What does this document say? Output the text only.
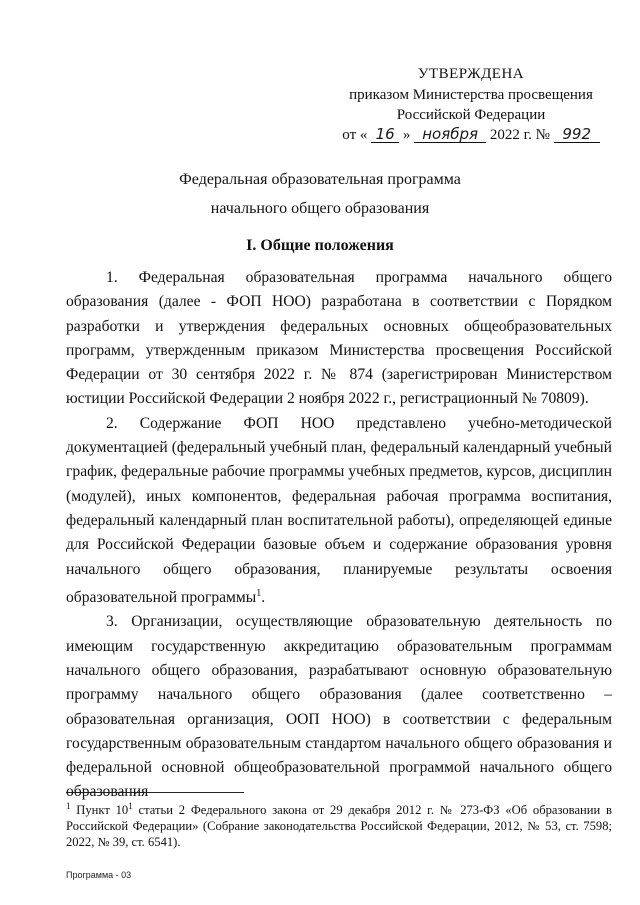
УТВЕРЖДЕНА
приказом Министерства просвещения
Российской Федерации
от « 16 » ноября 2022 г. № 992
Федеральная образовательная программа
начального общего образования
I. Общие положения

1. Федеральная образовательная программа начального общего образования (далее - ФОП НОО) разработана в соответствии с Порядком разработки и утверждения федеральных основных общеобразовательных программ, утвержденным приказом Министерства просвещения Российской Федерации от 30 сентября 2022 г. № 874 (зарегистрирован Министерством юстиции Российской Федерации 2 ноября 2022 г., регистрационный № 70809).

2. Содержание ФОП НОО представлено учебно-методической документацией (федеральный учебный план, федеральный календарный учебный график, федеральные рабочие программы учебных предметов, курсов, дисциплин (модулей), иных компонентов, федеральная рабочая программа воспитания, федеральный календарный план воспитательной работы), определяющей единые для Российской Федерации базовые объем и содержание образования уровня начального общего образования, планируемые результаты освоения образовательной программы$^1$.

3. Организации, осуществляющие образовательную деятельность по имеющим государственную аккредитацию образовательным программам начального общего образования, разрабатывают основную образовательную программу начального общего образования (далее соответственно – образовательная организация, ООП НОО) в соответствии с федеральным государственным образовательным стандартом начального общего образования и федеральной основной общеобразовательной программой начального общего образования

$^1$ Пункт $10^1$ статьи 2 Федерального закона от 29 декабря 2012 г. № 273-ФЗ «Об образовании в Российской Федерации» (Собрание законодательства Российской Федерации, 2012, № 53, ст. 7598; 2022, № 39, ст. 6541).
Программа - 03
